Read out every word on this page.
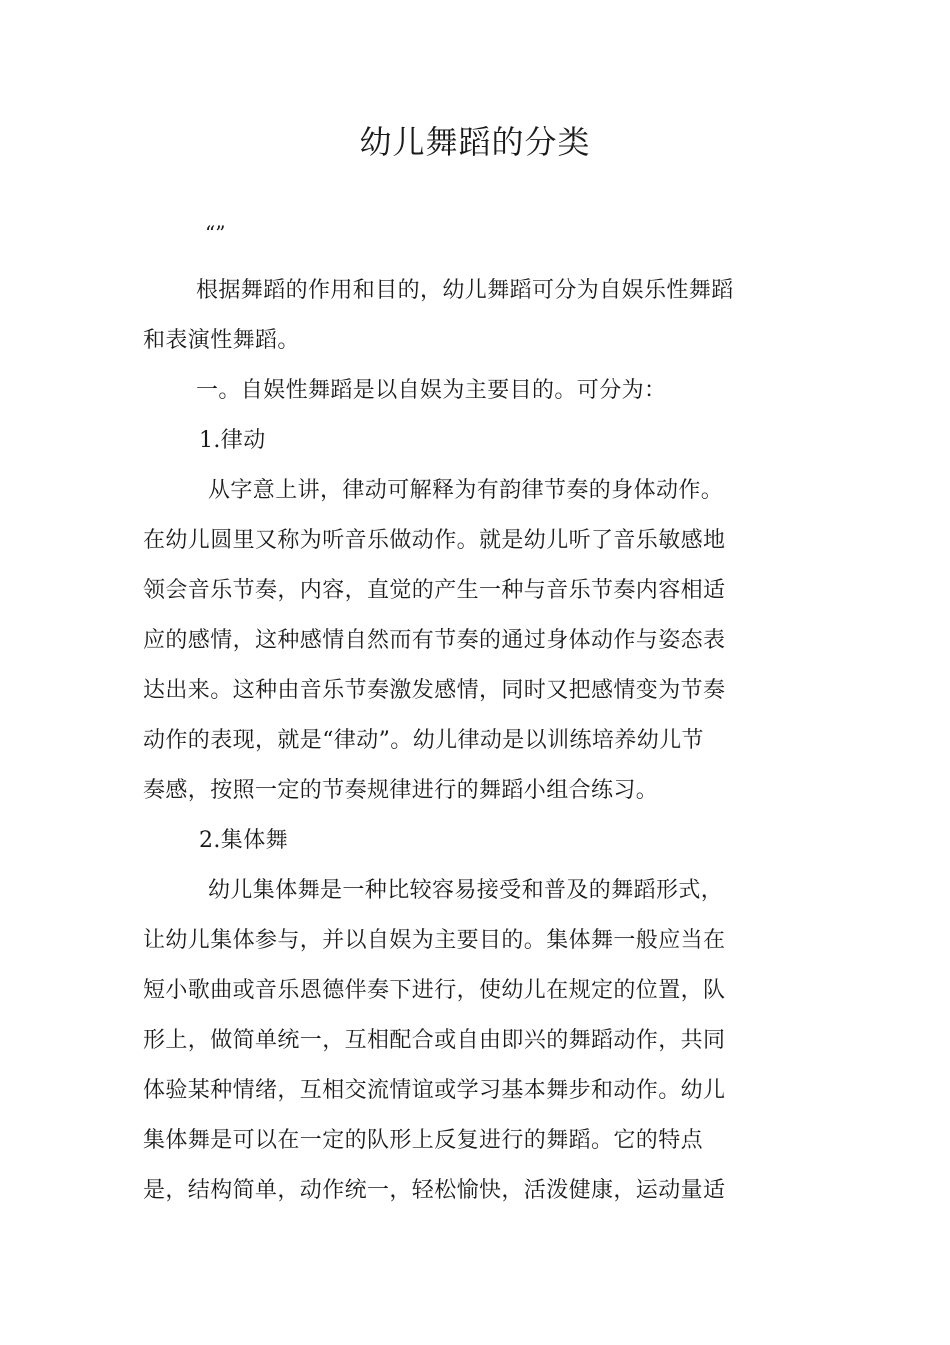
幼儿舞蹈的分类
“”
根据舞蹈的作用和目的，幼儿舞蹈可分为自娱乐性舞蹈
和表演性舞蹈。
一。自娱性舞蹈是以自娱为主要目的。可分为：
1.律动
从字意上讲，律动可解释为有韵律节奏的身体动作。
在幼儿圆里又称为听音乐做动作。就是幼儿听了音乐敏感地
领会音乐节奏，内容，直觉的产生一种与音乐节奏内容相适
应的感情，这种感情自然而有节奏的通过身体动作与姿态表
达出来。这种由音乐节奏激发感情，同时又把感情变为节奏
动作的表现，就是“律动”。幼儿律动是以训练培养幼儿节
奏感，按照一定的节奏规律进行的舞蹈小组合练习。
2.集体舞
幼儿集体舞是一种比较容易接受和普及的舞蹈形式，
让幼儿集体参与，并以自娱为主要目的。集体舞一般应当在
短小歌曲或音乐恩德伴奏下进行，使幼儿在规定的位置，队
形上，做简单统一，互相配合或自由即兴的舞蹈动作，共同
体验某种情绪，互相交流情谊或学习基本舞步和动作。幼儿
集体舞是可以在一定的队形上反复进行的舞蹈。它的特点
是，结构简单，动作统一，轻松愉快，活泼健康，运动量适
